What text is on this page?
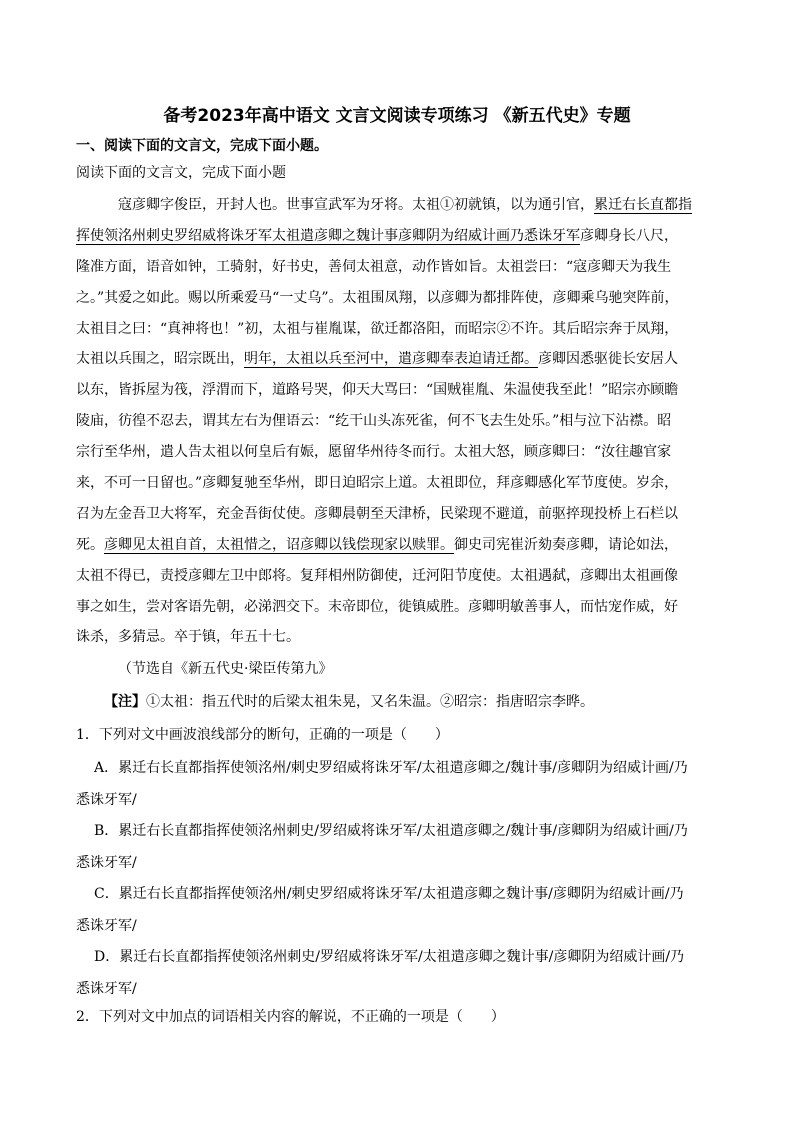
备考2023年高中语文 文言文阅读专项练习 《新五代史》专题
一、阅读下面的文言文，完成下面小题。
阅读下面的文言文，完成下面小题
寇彦卿字俊臣，开封人也。世事宣武军为牙将。太祖①初就镇，以为通引官，累迁右长直都指
挥使领洺州刺史罗绍威将诛牙军太祖遣彦卿之魏计事彦卿阴为绍威计画乃悉诛牙军彦卿身长八尺，
隆准方面，语音如钟，工骑射，好书史，善伺太祖意，动作皆如旨。太祖尝曰：“寇彦卿天为我生
之。”其爱之如此。赐以所乘爱马“一丈乌”。太祖围凤翔，以彦卿为都排阵使，彦卿乘乌驰突阵前，
太祖目之曰：“真神将也！”初，太祖与崔胤谋，欲迁都洛阳，而昭宗②不许。其后昭宗奔于凤翔，
太祖以兵围之，昭宗既出，明年，太祖以兵至河中，遣彦卿奉表迫请迁都。彦卿因悉驱徙长安居人
以东，皆拆屋为筏，浮渭而下，道路号哭，仰天大骂曰：“国贼崔胤、朱温使我至此！”昭宗亦顾瞻
陵庙，彷徨不忍去，谓其左右为俚语云：“纥干山头冻死雀，何不飞去生处乐。”相与泣下沾襟。昭
宗行至华州，遣人告太祖以何皇后有娠，愿留华州待冬而行。太祖大怒，顾彦卿曰：“汝往趣官家
来，不可一日留也。”彦卿复驰至华州，即日迫昭宗上道。太祖即位，拜彦卿感化军节度使。岁余，
召为左金吾卫大将军，充金吾街仗使。彦卿晨朝至天津桥，民梁现不避道，前驱捽现投桥上石栏以
死。彦卿见太祖自首，太祖惜之，诏彦卿以钱偿现家以赎罪。御史司宪崔沂劾奏彦卿，请论如法，
太祖不得已，责授彦卿左卫中郎将。复拜相州防御使，迁河阳节度使。太祖遇弑，彦卿出太祖画像
事之如生，尝对客语先朝，必涕泗交下。末帝即位，徙镇威胜。彦卿明敏善事人，而怙宠作威，好
诛杀，多猜忌。卒于镇，年五十七。
（节选自《新五代史·梁臣传第九》
【注】①太祖：指五代时的后梁太祖朱晃，又名朱温。②昭宗：指唐昭宗李晔。
1．下列对文中画波浪线部分的断句，正确的一项是（　　）
A．累迁右长直都指挥使领洺州/刺史罗绍威将诛牙军/太祖遣彦卿之/魏计事/彦卿阴为绍威计画/乃
悉诛牙军/
B．累迁右长直都指挥使领洺州刺史/罗绍威将诛牙军/太祖遣彦卿之/魏计事/彦卿阴为绍威计画/乃
悉诛牙军/
C．累迁右长直都指挥使领洺州/刺史罗绍威将诛牙军/太祖遣彦卿之魏计事/彦卿阴为绍威计画/乃
悉诛牙军/
D．累迁右长直都指挥使领洺州刺史/罗绍威将诛牙军/太祖遣彦卿之魏计事/彦卿阴为绍威计画/乃
悉诛牙军/
2．下列对文中加点的词语相关内容的解说，不正确的一项是（　　）
